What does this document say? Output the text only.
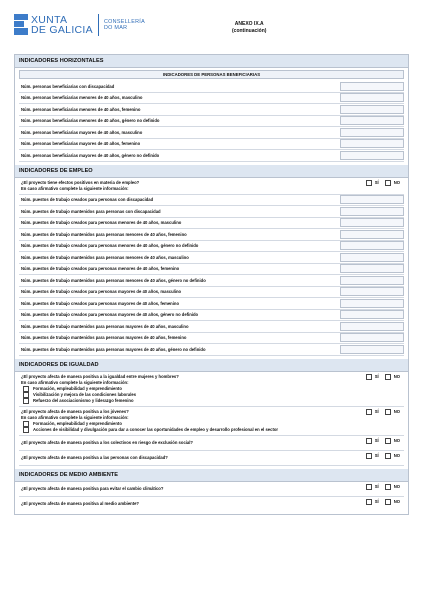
XUNTA
DE GALICIA
CONSELLERÍA
DO MAR
ANEXO IX.A
(continuación)
INDICADORES HORIZONTALES
INDICADORES DE PERSONAS BENEFICIARIAS
Núm. personas beneficiarias con discapacidad
Núm. personas beneficiarias menores de 40 años, masculino
Núm. personas beneficiarias menores de 40 años, femenino
Núm. personas beneficiarias menores de 40 años, género no definido
Núm. personas beneficiarias mayores de 40 años, masculino
Núm. personas beneficiarias mayores de 40 años, femenino
Núm. personas beneficiarias mayores de 40 años, género no definido
INDICADORES DE EMPLEO
¿El proyecto tiene efectos positivos en materia de empleo?
En caso afirmativo complete la siguiente información:
SÍ	NO
Núm. puestos de trabajo creados para personas con discapacidad
Núm. puestos de trabajo mantenidos para personas con discapacidad
Núm. puestos de trabajo creados para personas menores de 40 años, masculino
Núm. puestos de trabajo mantenidos para personas menores de 40 años, femenino
Núm. puestos de trabajo creados para personas menores de 40 años, género no definido
Núm. puestos de trabajo mantenidos para personas menores de 40 años, masculino
Núm. puestos de trabajo creados para personas menores de 40 años, femenino
Núm. puestos de trabajo mantenidos para personas menores de 40 años, género no definido
Núm. puestos de trabajo creados para personas mayores de 40 años, masculino
Núm. puestos de trabajo creados para personas mayores de 40 años, femenino
Núm. puestos de trabajo creados para personas mayores de 40 años, género no definido
Núm. puestos de trabajo mantenidos para personas mayores de 40 años, masculino
Núm. puestos de trabajo mantenidos para personas mayores de 40 años, femenino
Núm. puestos de trabajo mantenidos para personas mayores de 40 años, género no definido
INDICADORES DE IGUALDAD
¿El proyecto afecta de manera positiva a la igualdad entre mujeres y hombres?
En caso afirmativo complete la siguiente información:
Formación, empleabilidad y emprendimiento
Visibilización y mejora de las condiciones laborales
Refuerzo del asociacionismo y liderazgo femenino
SÍ	NO
¿El proyecto afecta de manera positiva a los jóvenes?
En caso afirmativo complete la siguiente información:
Formación, empleabilidad y emprendimiento
Acciones de visibilidad y divulgación para dar a conocer las oportunidades de empleo y desarrollo profesional en el sector
SÍ	NO
¿El proyecto afecta de manera positiva a los colectivos en riesgo de exclusión social?	SÍ	NO
¿El proyecto afecta de manera positiva a las personas con discapacidad?	SÍ	NO
INDICADORES DE MEDIO AMBIENTE
¿El proyecto afecta de manera positiva para evitar el cambio climático?	SÍ	NO
¿El proyecto afecta de manera positiva al medio ambiente?	SÍ	NO
